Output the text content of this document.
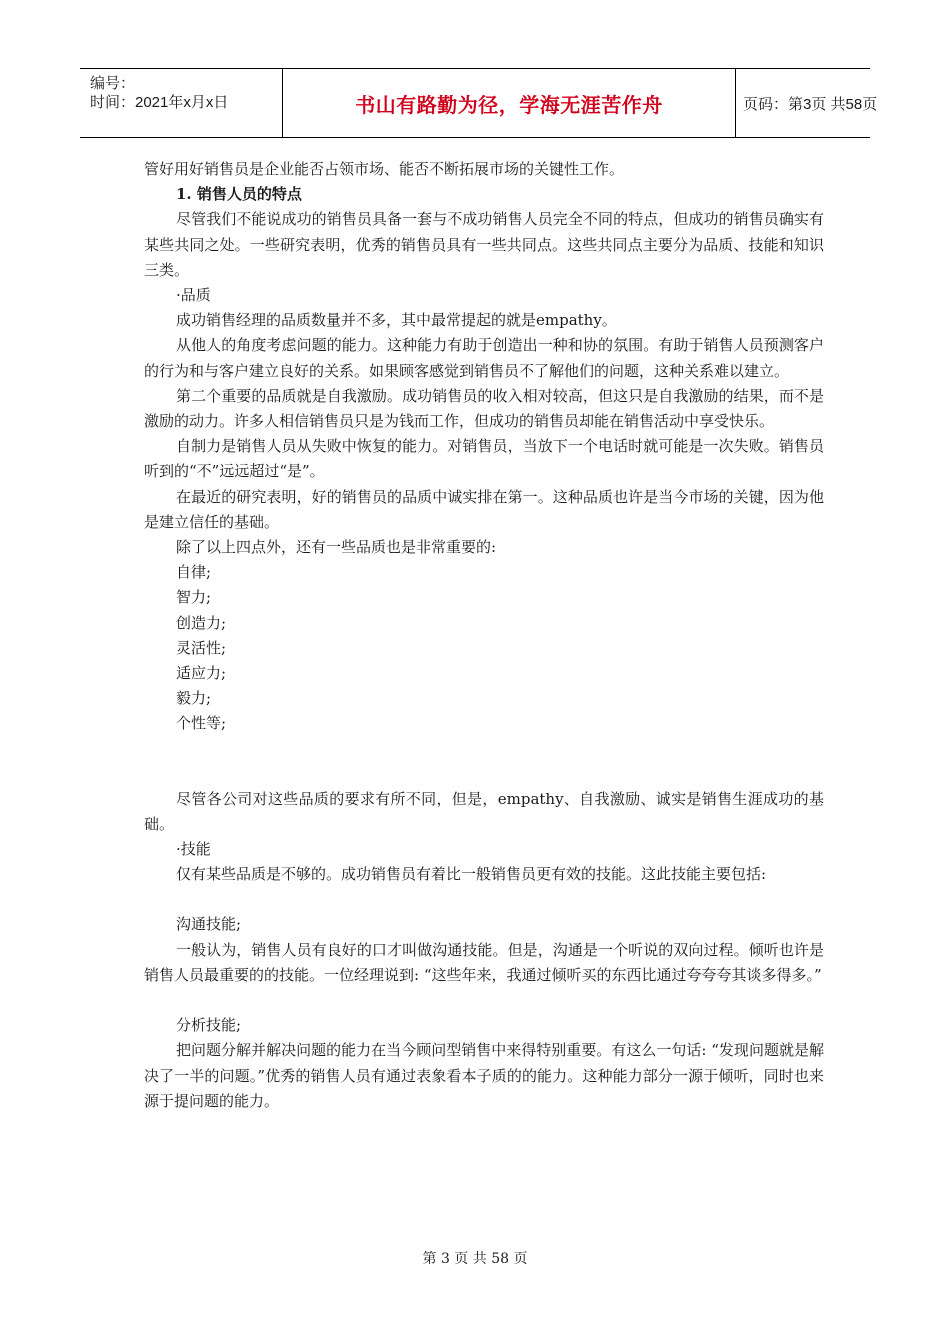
编号：
时间：2021年x月x日	书山有路勤为径，学海无涯苦作舟	页码：第3页 共58页

管好用好销售员是企业能否占领市场、能否不断拓展市场的关键性工作。

1. 销售人员的特点

尽管我们不能说成功的销售员具备一套与不成功销售人员完全不同的特点，但成功的销售员确实有某些共同之处。一些研究表明，优秀的销售员具有一些共同点。这些共同点主要分为品质、技能和知识三类。

·品质

成功销售经理的品质数量并不多，其中最常提起的就是empathy。

从他人的角度考虑问题的能力。这种能力有助于创造出一种和协的氛围。有助于销售人员预测客户的行为和与客户建立良好的关系。如果顾客感觉到销售员不了解他们的问题，这种关系难以建立。

第二个重要的品质就是自我激励。成功销售员的收入相对较高，但这只是自我激励的结果，而不是激励的动力。许多人相信销售员只是为钱而工作，但成功的销售员却能在销售活动中享受快乐。

自制力是销售人员从失败中恢复的能力。对销售员，当放下一个电话时就可能是一次失败。销售员听到的“不”远远超过“是”。

在最近的研究表明，好的销售员的品质中诚实排在第一。这种品质也许是当今市场的关键，因为他是建立信任的基础。

除了以上四点外，还有一些品质也是非常重要的:

自律;

智力;

创造力;

灵活性;

适应力;

毅力;

个性等;

尽管各公司对这些品质的要求有所不同，但是，empathy、自我激励、诚实是销售生涯成功的基础。

·技能

仅有某些品质是不够的。成功销售员有着比一般销售员更有效的技能。这此技能主要包括:

沟通技能;

一般认为，销售人员有良好的口才叫做沟通技能。但是，沟通是一个听说的双向过程。倾听也许是销售人员最重要的的技能。一位经理说到: “这些年来，我通过倾听买的东西比通过夸夸夸其谈多得多。”

分析技能;

把问题分解并解决问题的能力在当今顾问型销售中来得特别重要。有这么一句话: “发现问题就是解决了一半的问题。”优秀的销售人员有通过表象看本子质的的能力。这种能力部分一源于倾听，同时也来源于提问题的能力。

第 3 页 共 58 页
